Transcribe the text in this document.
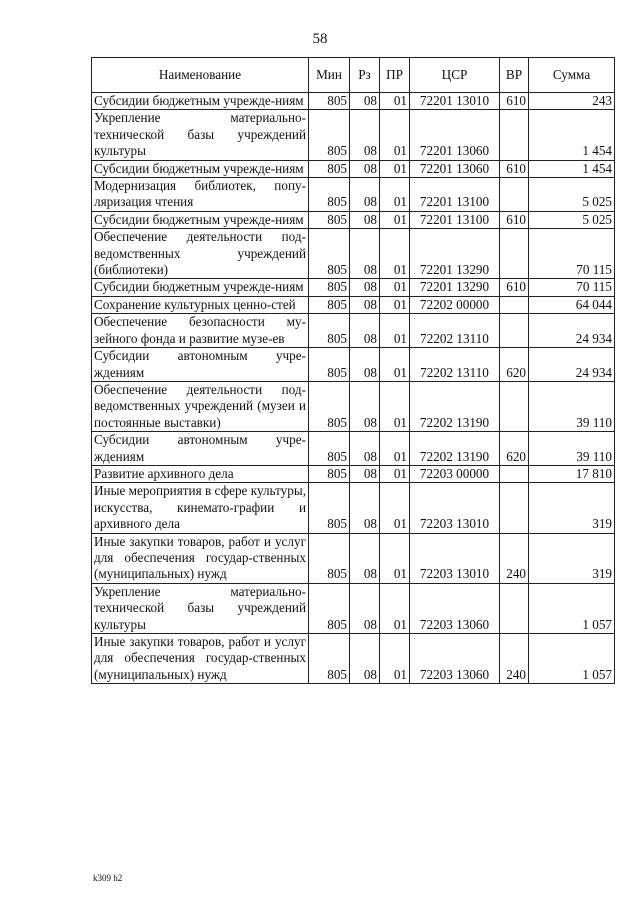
58
Наименование	Мин	Рз	ПР	ЦСР	ВР	Сумма
Субсидии бюджетным учрежде-ниям	805	08	01	72201 13010	610	243
Укрепление материально-технической базы учреждений культуры	805	08	01	72201 13060		1 454
Субсидии бюджетным учрежде-ниям	805	08	01	72201 13060	610	1 454
Модернизация библиотек, попу-ляризация чтения	805	08	01	72201 13100		5 025
Субсидии бюджетным учрежде-ниям	805	08	01	72201 13100	610	5 025
Обеспечение деятельности под-ведомственных учреждений (библиотеки)	805	08	01	72201 13290		70 115
Субсидии бюджетным учрежде-ниям	805	08	01	72201 13290	610	70 115
Сохранение культурных ценно-стей	805	08	01	72202 00000		64 044
Обеспечение безопасности му-зейного фонда и развитие музе-ев	805	08	01	72202 13110		24 934
Субсидии автономным учре-ждениям	805	08	01	72202 13110	620	24 934
Обеспечение деятельности под-ведомственных учреждений (музеи и постоянные выставки)	805	08	01	72202 13190		39 110
Субсидии автономным учре-ждениям	805	08	01	72202 13190	620	39 110
Развитие архивного дела	805	08	01	72203 00000		17 810
Иные мероприятия в сфере культуры, искусства, кинемато-графии и архивного дела	805	08	01	72203 13010		319
Иные закупки товаров, работ и услуг для обеспечения государ-ственных (муниципальных) нужд	805	08	01	72203 13010	240	319
Укрепление материально-технической базы учреждений культуры	805	08	01	72203 13060		1 057
Иные закупки товаров, работ и услуг для обеспечения государ-ственных (муниципальных) нужд	805	08	01	72203 13060	240	1 057
k309 h2
